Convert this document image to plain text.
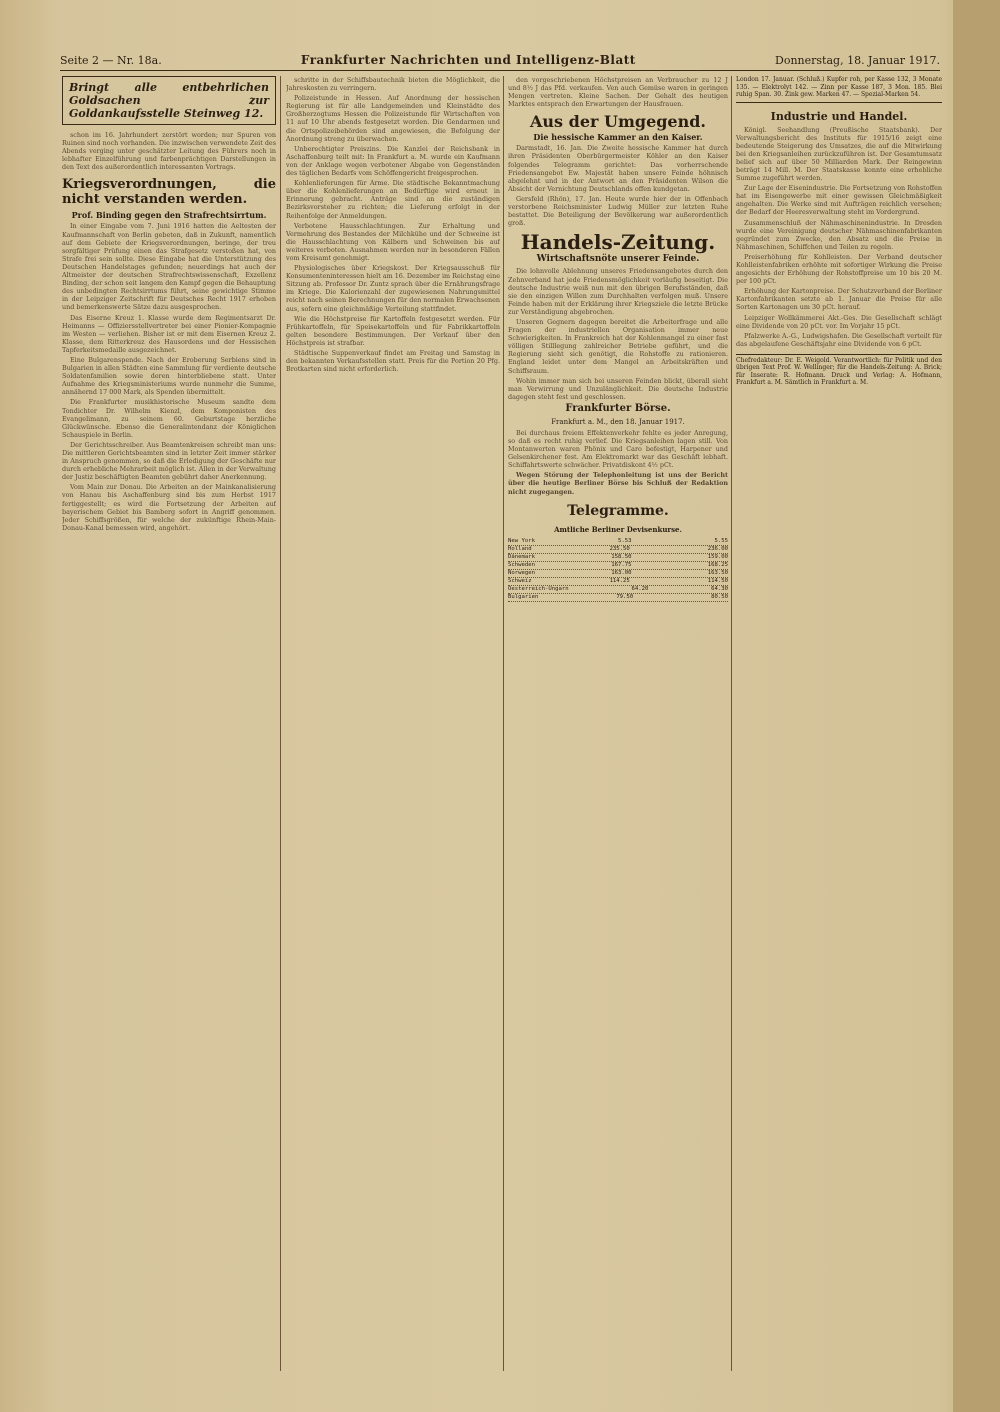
Seite 2 — Nr. 18a.	Frankfurter Nachrichten und Intelligenz-Blatt	Donnerstag, 18. Januar 1917.
Bringt alle entbehrlichen Goldsachen zur Goldankaufsstelle Steinweg 12.

schon im 16. Jahrhundert zerstört worden; nur Spuren von Ruinen sind noch vorhanden. Die inzwischen verwendete Zeit des Abends verging unter geschätzter Leitung des Führers noch in lebhafter Einzelführung und farbenprächtigen Darstellungen in den Text des außerordentlich interessanten Vortrags.

Kriegsverordnungen, die nicht verstanden werden.
Prof. Binding gegen den Strafrechtsirrtum.

In einer Eingabe vom 7. Juni 1916 hatten die Aeltesten der Kaufmannschaft von Berlin gebeten, daß in Zukunft, namentlich auf dem Gebiete der Kriegsverordnungen, beringe, der treu sorgfältiger Prüfung einen das Strafgesetz verstoßen hat, von Strafe frei sein sollte. Diese Eingabe hat die Unterstützung des Deutschen Handelstages gefunden; neuerdings hat auch der Altmeister der deutschen Strafrechtswissenschaft, Exzellenz Binding, der schon seit langem den Kampf gegen die Behauptung des unbedingten Rechtsirrtums führt, seine gewichtige Stimme in der Leipziger Zeitschrift für Deutsches Recht 1917 erhoben und bemerkenswerte Sätze dazu ausgesprochen.

Das Eiserne Kreuz 1. Klasse wurde dem Regimentsarzt Dr. Heimanns — Offiziersstellvertreter bei einer Pionier-Kompagnie im Westen — verliehen. Bisher ist er mit dem Eisernen Kreuz 2. Klasse, dem Ritterkreuz des Hausordens und der Hessischen Tapferkeitsmedaille ausgezeichnet.

Eine Bulgarenspende. Nach der Eroberung Serbiens sind in Bulgarien in allen Städten eine Sammlung für verdiente deutsche Soldatenfamilien sowie deren hinterbliebene statt. Unter Aufnahme des Kriegsministeriums wurde nunmehr die Summe, annähernd 17 000 Mark, als Spenden übermittelt.

Die Frankfurter musikhistorische Museum sandte dem Tondichter Dr. Wilhelm Kienzl, dem Komponisten des Evangelimann, zu seinem 60. Geburtstage herzliche Glückwünsche. Ebenso die Generalintendanz der Königlichen Schauspiele in Berlin.

Der Gerichtsschreiber. Aus Beamtenkreisen schreibt man uns: Die mittleren Gerichtsbeamten sind in letzter Zeit immer stärker in Anspruch genommen, so daß die Erledigung der Geschäfte nur durch erhebliche Mehrarbeit möglich ist. Allen in der Verwaltung der Justiz beschäftigten Beamten gebührt daher Anerkennung.

Vom Main zur Donau. Die Arbeiten an der Mainkanalisierung von Hanau bis Aschaffenburg sind bis zum Herbst 1917 fertiggestellt; es wird die Fortsetzung der Arbeiten auf bayerischem Gebiet bis Bamberg sofort in Angriff genommen. Jeder Schiffsgrößen, für welche der zukünftige Rhein-Main-Donau-Kanal bemessen wird, angehört.

schritte in der Schiffsbautechnik bieten die Möglichkeit, die Jahreskosten zu verringern.

Polizeistunde in Hessen. Auf Anordnung der hessischen Regierung ist für alle Landgemeinden und Kleinstädte des Großherzogtums Hessen die Polizeistunde für Wirtschaften von 11 auf 10 Uhr abends festgesetzt worden. Die Gendarmen und die Ortspolizeibehörden sind angewiesen, die Befolgung der Anordnung streng zu überwachen.

Unberechtigter Preiszins. Die Kanzlei der Reichsbank in Aschaffenburg teilt mit: In Frankfurt a. M. wurde ein Kaufmann von der Anklage wegen verbotener Abgabe von Gegenständen des täglichen Bedarfs vom Schöffengericht freigesprochen.

Kohlenlieferungen für Arme. Die städtische Bekanntmachung über die Kohlenlieferungen an Bedürftige wird erneut in Erinnerung gebracht. Anträge sind an die zuständigen Bezirksvorsteher zu richten; die Lieferung erfolgt in der Reihenfolge der Anmeldungen.

Verbotene Hausschlachtungen. Zur Erhaltung und Vermehrung des Bestandes der Milchkühe und der Schweine ist die Hausschlachtung von Kälbern und Schweinen bis auf weiteres verboten. Ausnahmen werden nur in besonderen Fällen vom Kreisamt genehmigt.

Physiologisches über Kriegskost. Der Kriegsausschuß für Konsumenteninteressen hielt am 16. Dezember im Reichstag eine Sitzung ab. Professor Dr. Zuntz sprach über die Ernährungsfrage im Kriege. Die Kalorienzahl der zugewiesenen Nahrungsmittel reicht nach seinen Berechnungen für den normalen Erwachsenen aus, sofern eine gleichmäßige Verteilung stattfindet.

Wie die Höchstpreise für Kartoffeln festgesetzt werden. Für Frühkartoffeln, für Speisekartoffeln und für Fabrikkartoffeln gelten besondere Bestimmungen. Der Verkauf über den Höchstpreis ist strafbar.

Städtische Suppenverkauf findet am Freitag und Samstag in den bekannten Verkaufsstellen statt. Preis für die Portion 20 Pfg. Brotkarten sind nicht erforderlich.

den vorgeschriebenen Höchstpreisen an Verbraucher zu 12 J und 8½ J das Pfd. verkaufen. Ven auch Gemüse waren in geringen Mengen vertreten. Kleine Sachen. Der Gehalt des heutigen Marktes entsprach den Erwartungen der Hausfrauen.

Aus der Umgegend.
Die hessische Kammer an den Kaiser.

Darmstadt, 16. Jan. Die Zweite hessische Kammer hat durch ihren Präsidenten Oberbürgermeister Köhler an den Kaiser folgendes Telegramm gerichtet: Das vorherrschende Friedensangebot Ew. Majestät haben unsere Feinde höhnisch abgelehnt und in der Antwort an den Präsidenten Wilson die Absicht der Vernichtung Deutschlands offen kundgetan.

Gersfeld (Rhön), 17. Jan. Heute wurde hier der in Offenbach verstorbene Reichsminister Ludwig Müller zur letzten Ruhe bestattet. Die Beteiligung der Bevölkerung war außerordentlich groß.

Handels-Zeitung.
Wirtschaftsnöte unserer Feinde.

Die lohnvolle Ablehnung unseres Friedensangebotes durch den Zehnverband hat jede Friedensmöglichkeit vorläufig beseitigt. Die deutsche Industrie weiß nun mit den übrigen Berufsständen, daß sie den einzigen Willen zum Durchhalten verfolgen muß. Unsere Feinde haben mit der Erklärung ihrer Kriegsziele die letzte Brücke zur Verständigung abgebrochen.

Unseren Gegnern dagegen bereitet die Arbeiterfrage und alle Fragen der industriellen Organisation immer neue Schwierigkeiten. In Frankreich hat der Kohlenmangel zu einer fast völligen Stilllegung zahlreicher Betriebe geführt, und die Regierung sieht sich genötigt, die Rohstoffe zu rationieren. England leidet unter dem Mangel an Arbeitskräften und Schiffsraum.

Wohin immer man sich bei unseren Feinden blickt, überall sieht man Verwirrung und Unzulänglichkeit. Die deutsche Industrie dagegen steht fest und geschlossen.

Frankfurter Börse.
Frankfurt a. M., den 18. Januar 1917.

Bei durchaus freiem Effektenverkehr fehlte es jeder Anregung, so daß es recht ruhig verlief. Die Kriegsanleihen lagen still. Von Montanwerten waren Phönix und Caro befestigt, Harpener und Gelsenkirchener fest. Am Elektromarkt war das Geschäft lebhaft. Schiffahrtswerte schwächer. Privatdiskont 4½ pCt.

Wegen Störung der Telephonleitung ist uns der Bericht über die heutige Berliner Börse bis Schluß der Redaktion nicht zugegangen.

Telegramme.
Amtliche Berliner Devisenkurse.
New York	5.53	5.55
Holland	235.50	236.00
Dänemark	158.50	159.00
Schweden	167.75	168.25
Norwegen	163.00	163.50
Schweiz	114.25	114.50
Oesterreich-Ungarn	64.20	64.30
Bulgarien	79.50	80.50
London 17. Januar. (Schluß.) Kupfer roh, per Kasse 132, 3 Monate 135. — Elektrolyt 142. — Zinn per Kasse 187, 3 Mon. 185. Blei ruhig Span. 30. Zink gew. Marken 47. — Spezial-Marken 54.
Industrie und Handel.

Königl. Seehandlung (Preußische Staatsbank). Der Verwaltungsbericht des Instituts für 1915/16 zeigt eine bedeutende Steigerung des Umsatzes, die auf die Mitwirkung bei den Kriegsanleihen zurückzuführen ist. Der Gesamtumsatz belief sich auf über 50 Milliarden Mark. Der Reingewinn beträgt 14 Mill. M. Der Staatskasse konnte eine erhebliche Summe zugeführt werden.

Zur Lage der Eisenindustrie. Die Fortsetzung von Rohstoffen hat im Eisengewerbe mit einer gewissen Gleichmäßigkeit angehalten. Die Werke sind mit Aufträgen reichlich versehen; der Bedarf der Heeresverwaltung steht im Vordergrund.

Zusammenschluß der Nähmaschinenindustrie. In Dresden wurde eine Vereinigung deutscher Nähmaschinenfabrikanten gegründet zum Zwecke, den Absatz und die Preise in Nähmaschinen, Schiffchen und Teilen zu regeln.

Preiserhöhung für Kohlleisten. Der Verband deutscher Kohlleistenfabriken erhöhte mit sofortiger Wirkung die Preise angesichts der Erhöhung der Rohstoffpreise um 10 bis 20 M. per 100 pCt.

Erhöhung der Kartonpreise. Der Schutzverband der Berliner Kartonfabrikanten setzte ab 1. Januar die Preise für alle Sorten Kartonagen um 30 pCt. herauf.

Leipziger Wollkämmerei Akt.-Ges. Die Gesellschaft schlägt eine Dividende von 20 pCt. vor. Im Vorjahr 15 pCt.

Pfalzwerke A.-G., Ludwigshafen. Die Gesellschaft verteilt für das abgelaufene Geschäftsjahr eine Dividende von 6 pCt.

Chefredakteur: Dr. E. Weigold. Verantwortlich: für Politik und den übrigen Text Prof. W. Wellinger; für die Handels-Zeitung: A. Brick; für Inserate: R. Hofmann. Druck und Verlag: A. Hofmann, Frankfurt a. M. Sämtlich in Frankfurt a. M.
